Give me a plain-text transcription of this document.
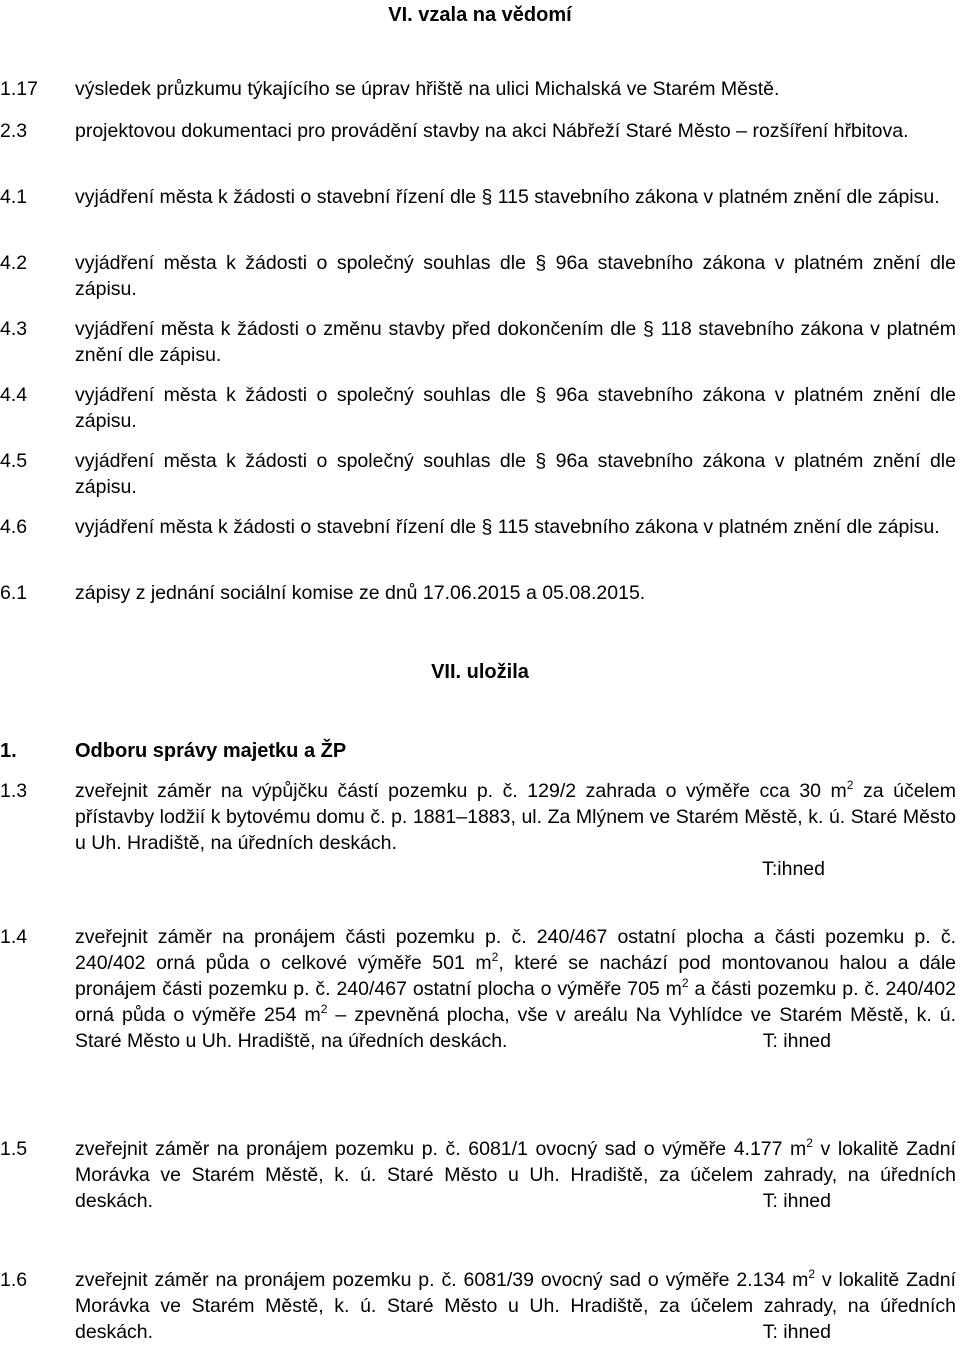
VI. vzala na vědomí
1.17	výsledek průzkumu týkajícího se úprav hřiště na ulici Michalská ve Starém Městě.
2.3	projektovou dokumentaci pro provádění stavby na akci Nábřeží Staré Město – rozšíření hřbitova.
4.1	vyjádření města k žádosti o stavební řízení dle § 115 stavebního zákona v platném znění dle zápisu.
4.2	vyjádření města k žádosti o společný souhlas dle § 96a stavebního zákona v platném znění dle zápisu.
4.3	vyjádření města k žádosti o změnu stavby před dokončením dle § 118 stavebního zákona v platném znění dle zápisu.
4.4	vyjádření města k žádosti o společný souhlas dle § 96a stavebního zákona v platném znění dle zápisu.
4.5	vyjádření města k žádosti o společný souhlas dle § 96a stavebního zákona v platném znění dle zápisu.
4.6	vyjádření města k žádosti o stavební řízení dle § 115 stavebního zákona v platném znění dle zápisu.
6.1	zápisy z jednání sociální komise ze dnů 17.06.2015 a 05.08.2015.
VII. uložila
1.	Odboru správy majetku a ŽP
1.3	zveřejnit záměr na výpůjčku částí pozemku p. č. 129/2 zahrada o výměře cca 30 $m^2$ za účelem přístavby lodžií k bytovému domu č. p. 1881–1883, ul. Za Mlýnem ve Starém Městě, k. ú. Staré Město u Uh. Hradiště, na úředních deskách.
T:ihned
1.4	zveřejnit záměr na pronájem části pozemku p. č. 240/467 ostatní plocha a části pozemku p. č. 240/402 orná půda o celkové výměře 501 $m^2$, které se nachází pod montovanou halou a dále pronájem části pozemku p. č. 240/467 ostatní plocha o výměře 705 $m^2$ a části pozemku p. č. 240/402 orná půda o výměře 254 $m^2$ – zpevněná plocha, vše v areálu Na Vyhlídce ve Starém Městě, k. ú. Staré Město u Uh. Hradiště, na úředních deskách.	T: ihned
1.5	zveřejnit záměr na pronájem pozemku p. č. 6081/1 ovocný sad o výměře 4.177 $m^2$ v lokalitě Zadní Morávka ve Starém Městě, k. ú. Staré Město u Uh. Hradiště, za účelem zahrady, na úředních deskách.	T: ihned
1.6	zveřejnit záměr na pronájem pozemku p. č. 6081/39 ovocný sad o výměře 2.134 $m^2$ v lokalitě Zadní Morávka ve Starém Městě, k. ú. Staré Město u Uh. Hradiště, za účelem zahrady, na úředních deskách.	T: ihned
